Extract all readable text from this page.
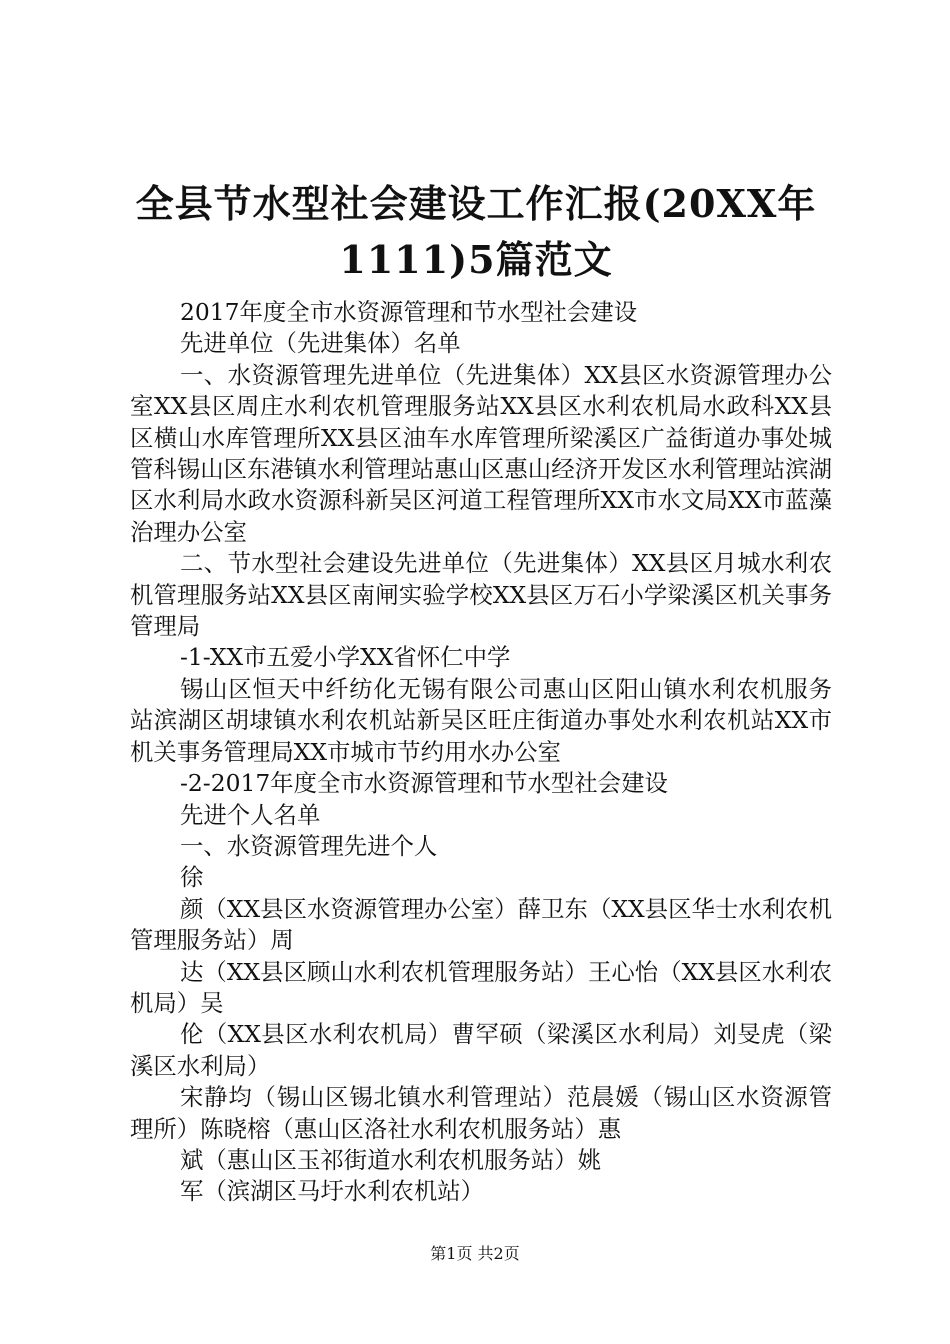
全县节水型社会建设工作汇报(20XX年1111)5篇范文

2017年度全市水资源管理和节水型社会建设

先进单位（先进集体）名单

一、水资源管理先进单位（先进集体）XX县区水资源管理办公室XX县区周庄水利农机管理服务站XX县区水利农机局水政科XX县区横山水库管理所XX县区油车水库管理所梁溪区广益街道办事处城管科锡山区东港镇水利管理站惠山区惠山经济开发区水利管理站滨湖区水利局水政水资源科新吴区河道工程管理所XX市水文局XX市蓝藻治理办公室

二、节水型社会建设先进单位（先进集体）XX县区月城水利农机管理服务站XX县区南闸实验学校XX县区万石小学梁溪区机关事务管理局

-1-XX市五爱小学XX省怀仁中学

锡山区恒天中纤纺化无锡有限公司惠山区阳山镇水利农机服务站滨湖区胡埭镇水利农机站新吴区旺庄街道办事处水利农机站XX市机关事务管理局XX市城市节约用水办公室

-2-2017年度全市水资源管理和节水型社会建设

先进个人名单

一、水资源管理先进个人

徐

颜（XX县区水资源管理办公室）薛卫东（XX县区华士水利农机管理服务站）周

达（XX县区顾山水利农机管理服务站）王心怡（XX县区水利农机局）吴

伦（XX县区水利农机局）曹罕硕（梁溪区水利局）刘旻虎（梁溪区水利局）

宋静均（锡山区锡北镇水利管理站）范晨媛（锡山区水资源管理所）陈晓榕（惠山区洛社水利农机服务站）惠

斌（惠山区玉祁街道水利农机服务站）姚

军（滨湖区马圩水利农机站）

第1页 共2页
